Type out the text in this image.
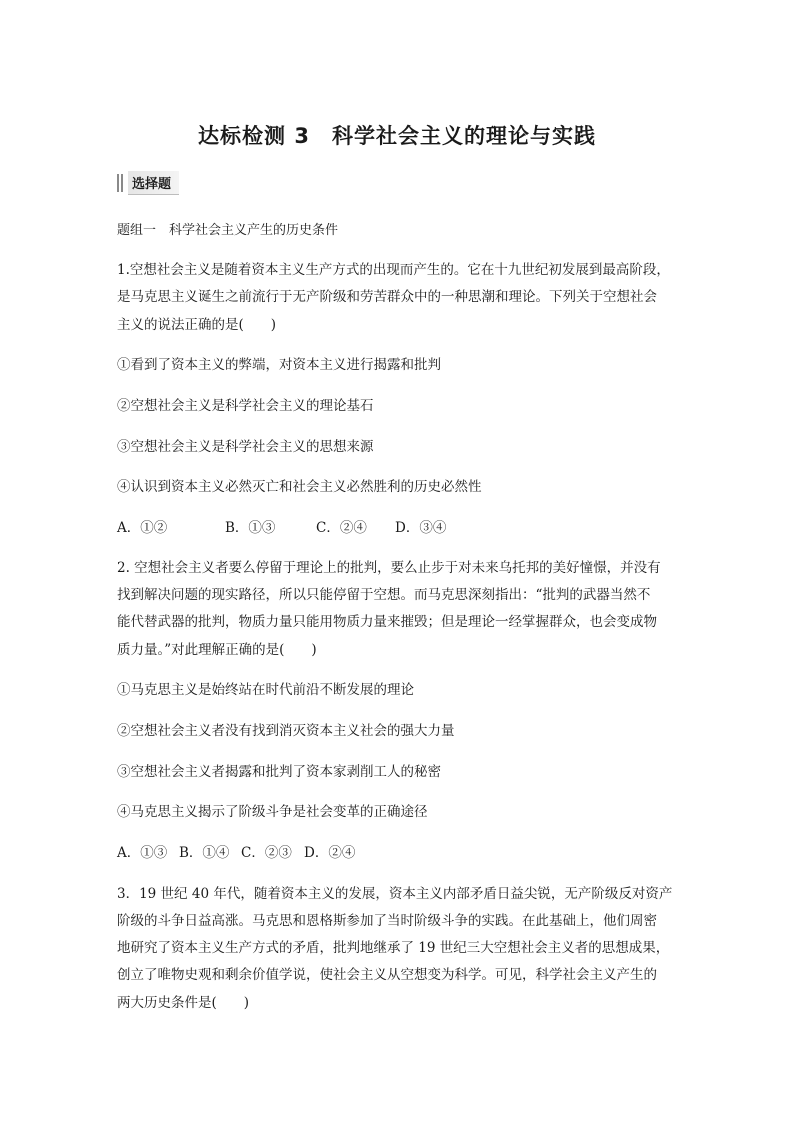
达标检测 3　科学社会主义的理论与实践
选择题
题组一　科学社会主义产生的历史条件
1.空想社会主义是随着资本主义生产方式的出现而产生的。它在十九世纪初发展到最高阶段，
是马克思主义诞生之前流行于无产阶级和劳苦群众中的一种思潮和理论。下列关于空想社会
主义的说法正确的是(　　)
①看到了资本主义的弊端，对资本主义进行揭露和批判
②空想社会主义是科学社会主义的理论基石
③空想社会主义是科学社会主义的思想来源
④认识到资本主义必然灭亡和社会主义必然胜利的历史必然性
A．①②	B．①③	C．②④	D．③④
2. 空想社会主义者要么停留于理论上的批判，要么止步于对未来乌托邦的美好憧憬，并没有
找到解决问题的现实路径，所以只能停留于空想。而马克思深刻指出：“批判的武器当然不
能代替武器的批判，物质力量只能用物质力量来摧毁；但是理论一经掌握群众，也会变成物
质力量。”对此理解正确的是(　　)
①马克思主义是始终站在时代前沿不断发展的理论
②空想社会主义者没有找到消灭资本主义社会的强大力量
③空想社会主义者揭露和批判了资本家剥削工人的秘密
④马克思主义揭示了阶级斗争是社会变革的正确途径
A．①③ B．①④ C．②③ D．②④
3．19 世纪 40 年代，随着资本主义的发展，资本主义内部矛盾日益尖锐，无产阶级反对资产
阶级的斗争日益高涨。马克思和恩格斯参加了当时阶级斗争的实践。在此基础上，他们周密
地研究了资本主义生产方式的矛盾，批判地继承了 19 世纪三大空想社会主义者的思想成果，
创立了唯物史观和剩余价值学说，使社会主义从空想变为科学。可见，科学社会主义产生的
两大历史条件是(　　)
